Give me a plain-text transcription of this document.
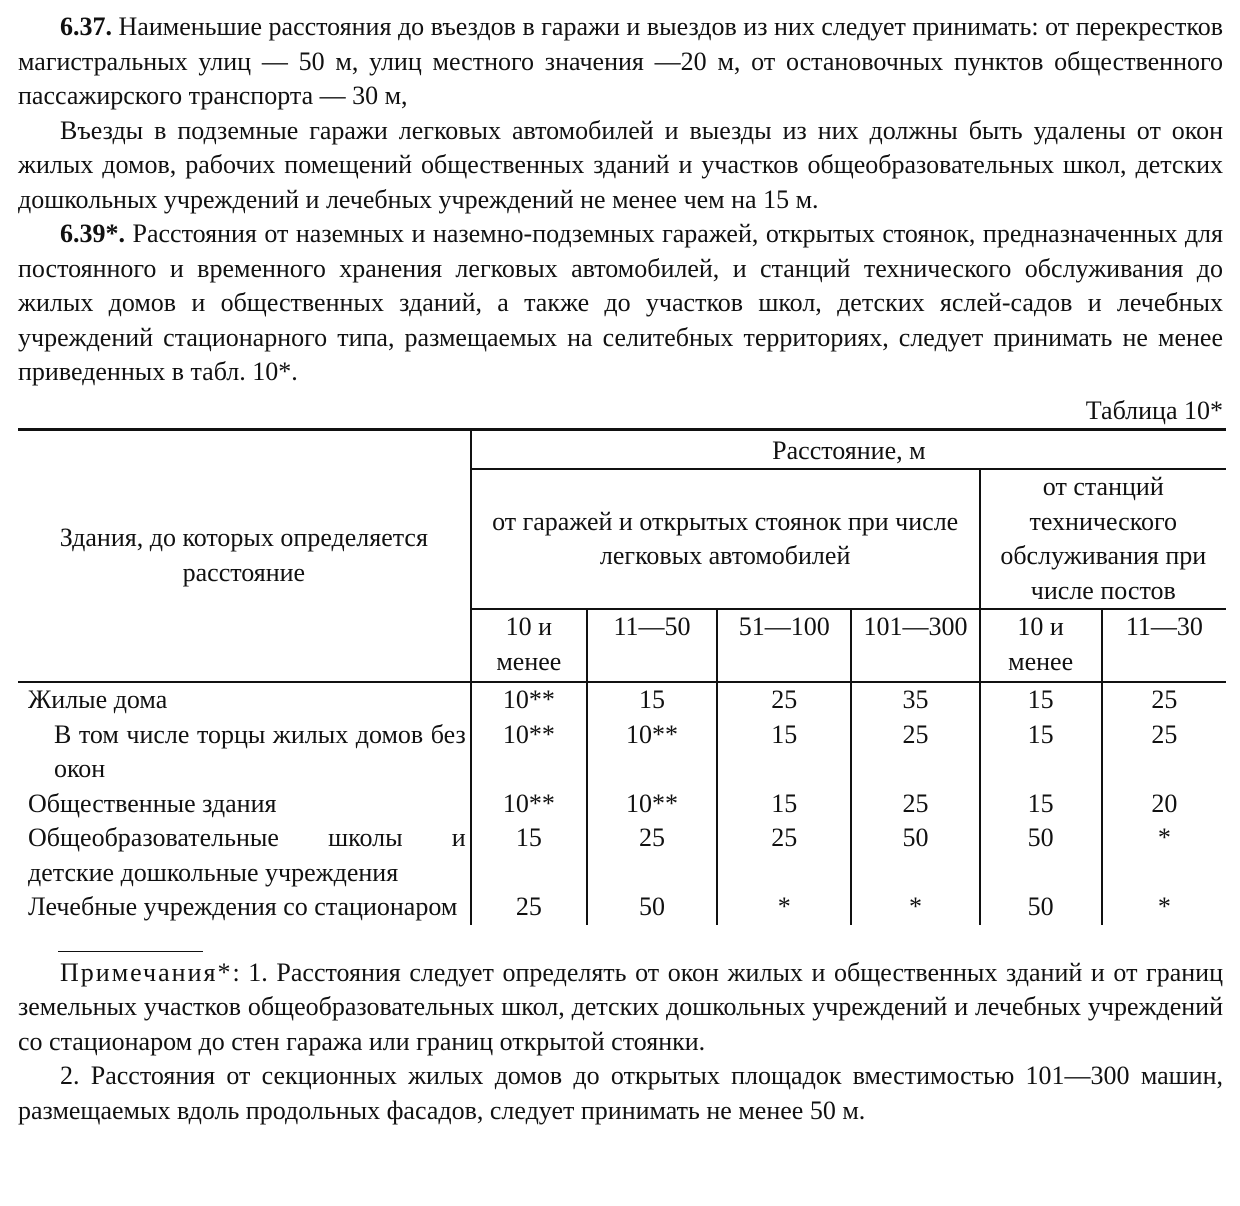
6.37. Наименьшие расстояния до въездов в гаражи и выездов из них следует принимать: от перекрестков магистральных улиц — 50 м, улиц местного значения —20 м, от остановочных пунктов общественного пассажирского транспорта — 30 м,

Въезды в подземные гаражи легковых автомобилей и выезды из них должны быть удалены от окон жилых домов, рабочих помещений общественных зданий и участков общеобразовательных школ, детских дошкольных учреждений и лечебных учреждений не менее чем на 15 м.

6.39*. Расстояния от наземных и наземно-подземных гаражей, открытых стоянок, предназначенных для постоянного и временного хранения легковых автомобилей, и станций технического обслуживания до жилых домов и общественных зданий, а также до участков школ, детских яслей-садов и лечебных учреждений стационарного типа, размещаемых на селитебных территориях, следует принимать не менее приведенных в табл. 10*.

Таблица 10*
Здания, до которых определяется расстояние	Расстояние, м					
	от гаражей и открытых стоянок при числе легковых автомобилей				от станций технического обслуживания при числе постов	
	10 и менее	11—50	51—100	101—300	10 и менее	11—30
Жилые дома	10**	15	25	35	15	25
В том числе торцы жилых домов без окон	10**	10**	15	25	15	25
Общественные здания	10**	10**	15	25	15	20
Общеобразовательные школы и детские дошкольные учреждения	15	25	25	50	50	*
Лечебные учреждения со стационаром	25	50	*	*	50	*

Примечания*: 1. Расстояния следует определять от окон жилых и общественных зданий и от границ земельных участков общеобразовательных школ, детских дошкольных учреждений и лечебных учреждений со стационаром до стен гаража или границ открытой стоянки.

2. Расстояния от секционных жилых домов до открытых площадок вместимостью 101—300 машин, размещаемых вдоль продольных фасадов, следует принимать не менее 50 м.
